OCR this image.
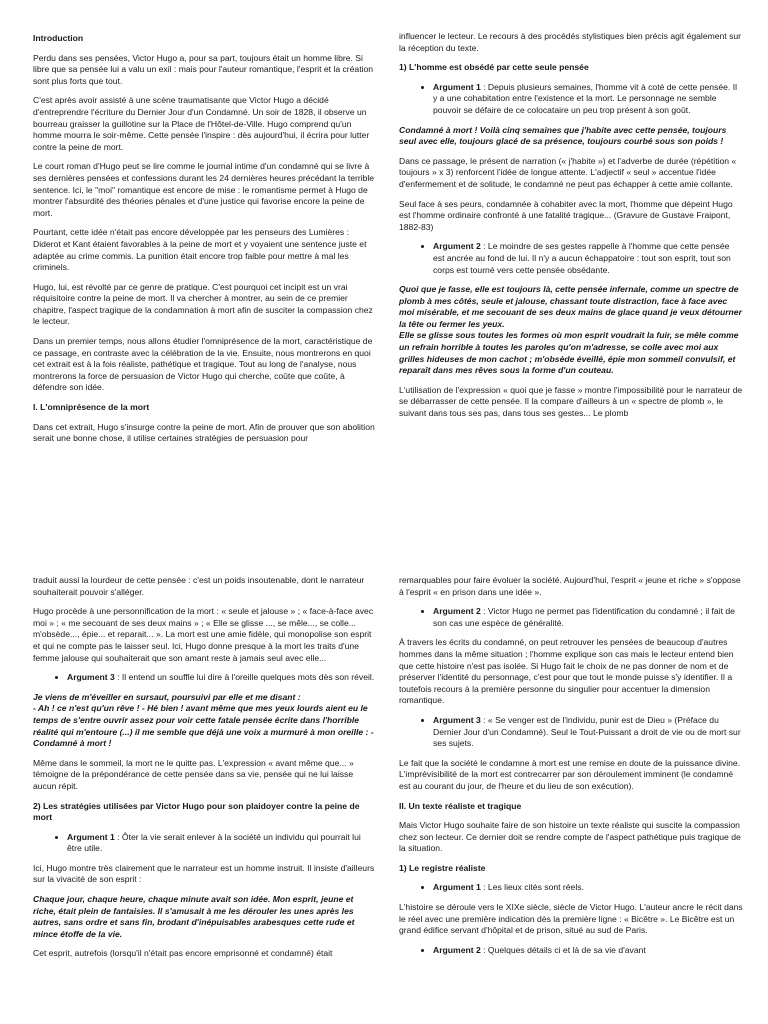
Introduction

Perdu dans ses pensées, Victor Hugo a, pour sa part, toujours était un homme libre. Si libre que sa pensée lui a valu un exil : mais pour l'auteur romantique, l'esprit et la création sont plus forts que tout.

C'est après avoir assisté à une scène traumatisante que Victor Hugo a décidé d'entreprendre l'écriture du Dernier Jour d'un Condamné. Un soir de 1828, il observe un bourreau graisser la guillotine sur la Place de l'Hôtel-de-Ville. Hugo comprend qu'un homme mourra le soir-même. Cette pensée l'inspire : dès aujourd'hui, il écrira pour lutter contre la peine de mort.

Le court roman d'Hugo peut se lire comme le journal intime d'un condamné qui se livre à ses dernières pensées et confessions durant les 24 dernières heures précédant la terrible sentence. Ici, le "moi" romantique est encore de mise : le romantisme permet à Hugo de montrer l'absurdité des théories pénales et d'une justice qui favorise encore la peine de mort.

Pourtant, cette idée n'était pas encore développée par les penseurs des Lumières : Diderot et Kant étaient favorables à la peine de mort et y voyaient une sentence juste et adaptée au crime commis. La punition était encore trop faible pour mettre à mal les criminels.

Hugo, lui, est révolté par ce genre de pratique. C'est pourquoi cet incipit est un vrai réquisitoire contre la peine de mort. Il va chercher à montrer, au sein de ce premier chapitre, l'aspect tragique de la condamnation à mort afin de susciter la compassion chez le lecteur.

Dans un premier temps, nous allons étudier l'omniprésence de la mort, caractéristique de ce passage, en contraste avec la célébration de la vie. Ensuite, nous montrerons en quoi cet extrait est à la fois réaliste, pathétique et tragique. Tout au long de l'analyse, nous montrerons la force de persuasion de Victor Hugo qui cherche, coûte que coûte, à défendre son idée.

I. L'omniprésence de la mort

Dans cet extrait, Hugo s'insurge contre la peine de mort. Afin de prouver que son abolition serait une bonne chose, il utilise certaines stratégies de persuasion pour

influencer le lecteur. Le recours à des procédés stylistiques bien précis agit également sur la réception du texte.

1) L'homme est obsédé par cette seule pensée

• Argument 1 : Depuis plusieurs semaines, l'homme vit à coté de cette pensée. Il y a une cohabitation entre l'existence et la mort. Le personnage ne semble pouvoir se défaire de ce colocataire un peu trop présent à son goût.

Condamné à mort ! Voilà cinq semaines que j'habite avec cette pensée, toujours seul avec elle, toujours glacé de sa présence, toujours courbé sous son poids !

Dans ce passage, le présent de narration (« j'habite ») et l'adverbe de durée (répétition « toujours » x 3) renforcent l'idée de longue attente. L'adjectif « seul » accentue l'idée d'enfermement et de solitude, le condamné ne peut pas échapper à cette amie collante.

Seul face à ses peurs, condamnée à cohabiter avec la mort, l'homme que dépeint Hugo est l'homme ordinaire confronté à une fatalité tragique... (Gravure de Gustave Fraipont, 1882-83)

• Argument 2 : Le moindre de ses gestes rappelle à l'homme que cette pensée est ancrée au fond de lui. Il n'y a aucun échappatoire : tout son esprit, tout son corps est tourné vers cette pensée obsédante.

Quoi que je fasse, elle est toujours là, cette pensée infernale, comme un spectre de plomb à mes côtés, seule et jalouse, chassant toute distraction, face à face avec moi misérable, et me secouant de ses deux mains de glace quand je veux détourner la tête ou fermer les yeux.

Elle se glisse sous toutes les formes où mon esprit voudrait la fuir, se mêle comme un refrain horrible à toutes les paroles qu'on m'adresse, se colle avec moi aux grilles hideuses de mon cachot ; m'obsède éveillé, épie mon sommeil convulsif, et reparaît dans mes rêves sous la forme d'un couteau.

L'utilisation de l'expression « quoi que je fasse » montre l'impossibilité pour le narrateur de se débarrasser de cette pensée. Il la compare d'ailleurs à un « spectre de plomb », le suivant dans tous ses pas, dans tous ses gestes... Le plomb

traduit aussi la lourdeur de cette pensée : c'est un poids insoutenable, dont le narrateur souhaiterait pouvoir s'alléger.

Hugo procède à une personnification de la mort : « seule et jalouse » ; « face-à-face avec moi » ; « me secouant de ses deux mains » ; « Elle se glisse ..., se mêle..., se colle... m'obsède..., épie... et reparait... ». La mort est une amie fidèle, qui monopolise son esprit et qui ne compte pas le laisser seul. Ici, Hugo donne presque à la mort les traits d'une femme jalouse qui souhaiterait que son amant reste à jamais seul avec elle...

• Argument 3 : Il entend un souffle lui dire à l'oreille quelques mots dès son réveil.

Je viens de m'éveiller en sursaut, poursuivi par elle et me disant :

- Ah ! ce n'est qu'un rêve ! - Hé bien ! avant même que mes yeux lourds aient eu le temps de s'entre ouvrir assez pour voir cette fatale pensée écrite dans l'horrible réalité qui m'entoure (...) il me semble que déjà une voix a murmuré à mon oreille : - Condamné à mort !

Même dans le sommeil, la mort ne le quitte pas. L'expression « avant même que... » témoigne de la prépondérance de cette pensée dans sa vie, pensée qui ne lui laisse aucun répit.

2) Les stratégies utilisées par Victor Hugo pour son plaidoyer contre la peine de mort

• Argument 1 : Ôter la vie serait enlever à la société un individu qui pourrait lui être utile.

Ici, Hugo montre très clairement que le narrateur est un homme instruit. Il insiste d'ailleurs sur la vivacité de son esprit :

Chaque jour, chaque heure, chaque minute avait son idée. Mon esprit, jeune et riche, était plein de fantaisies. Il s'amusait à me les dérouler les unes après les autres, sans ordre et sans fin, brodant d'inépuisables arabesques cette rude et mince étoffe de la vie.

Cet esprit, autrefois (lorsqu'il n'était pas encore emprisonné et condamné) était

remarquables pour faire évoluer la société. Aujourd'hui, l'esprit « jeune et riche » s'oppose à l'esprit « en prison dans une idée ».

• Argument 2 : Victor Hugo ne permet pas l'identification du condamné ; il fait de son cas une espèce de généralité.

À travers les écrits du condamné, on peut retrouver les pensées de beaucoup d'autres hommes dans la même situation ; l'homme explique son cas mais le lecteur entend bien que cette histoire n'est pas isolée. Si Hugo fait le choix de ne pas donner de nom et de préserver l'identité du personnage, c'est pour que tout le monde puisse s'y identifier. Il a toutefois recours à la première personne du singulier pour accentuer la dimension romantique.

• Argument 3 : « Se venger est de l'individu, punir est de Dieu » (Préface du Dernier Jour d'un Condamné). Seul le Tout-Puissant a droit de vie ou de mort sur ses sujets.

Le fait que la société le condamne à mort est une remise en doute de la puissance divine. L'imprévisibilité de la mort est contrecarrer par son déroulement imminent (le condamné est au courant du jour, de l'heure et du lieu de son exécution).

II. Un texte réaliste et tragique

Mais Victor Hugo souhaite faire de son histoire un texte réaliste qui suscite la compassion chez son lecteur. Ce dernier doit se rendre compte de l'aspect pathétique puis tragique de la situation.

1) Le registre réaliste

• Argument 1 : Les lieux cités sont réels.

L'histoire se déroule vers le XIXe siècle, siècle de Victor Hugo. L'auteur ancre le récit dans le réel avec une première indication dès la première ligne : « Bicêtre ». Le Bicêtre est un grand édifice servant d'hôpital et de prison, situé au sud de Paris.

• Argument 2 : Quelques détails ci et là de sa vie d'avant
